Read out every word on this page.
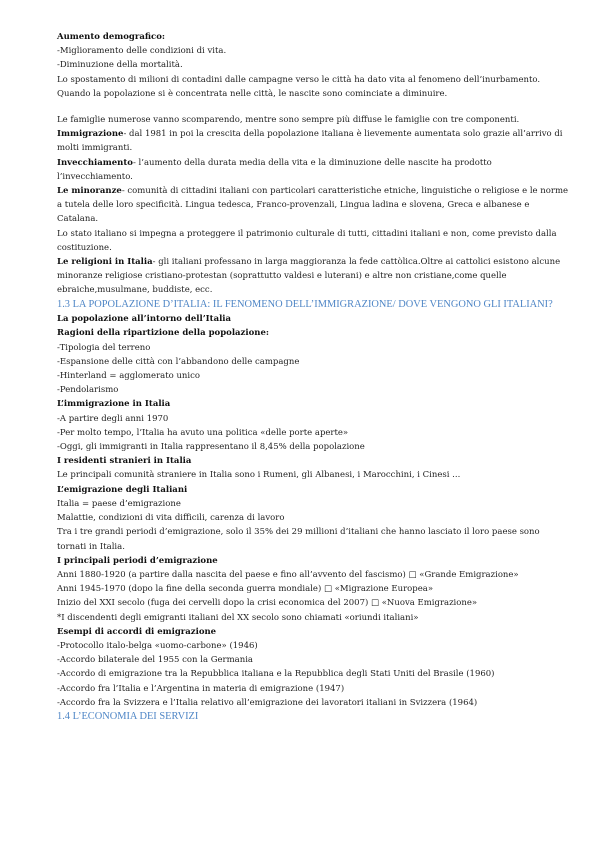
Aumento demografico:

-Miglioramento delle condizioni di vita.

-Diminuzione della mortalità.

Lo spostamento di milioni di contadini dalle campagne verso le città ha dato vita al fenomeno dell’inurbamento.

Quando la popolazione si è concentrata nelle città, le nascite sono cominciate a diminuire.

Le famiglie numerose vanno scomparendo, mentre sono sempre più diffuse le famiglie con tre componenti.

Immigrazione- dal 1981 in poi la crescita della popolazione italiana è lievemente aumentata solo grazie all’arrivo di molti immigranti.

Invecchiamento- l’aumento della durata media della vita e la diminuzione delle nascite ha prodotto l’invecchiamento.

Le minoranze- comunità di cittadini italiani con particolari caratteristiche etniche, linguistiche o religiose e le norme a tutela delle loro specificità. Lingua tedesca, Franco-provenzali, Lingua ladina e slovena, Greca e albanese e Catalana.

Lo stato italiano si impegna a proteggere il patrimonio culturale di tutti, cittadini italiani e non, come previsto dalla costituzione.

Le religioni in Italia- gli italiani professano in larga maggioranza la fede cattòlica.Oltre ai cattolici esistono alcune minoranze religiose cristiano-protestan (soprattutto valdesi e luterani) e altre non cristiane,come quelle ebraiche,musulmane, buddiste, ecc.

1.3 LA POPOLAZIONE D’ITALIA: IL FENOMENO DELL’IMMIGRAZIONE/ DOVE VENGONO GLI ITALIANI?

La popolazione all’intorno dell’Italia

Ragioni della ripartizione della popolazione:

-Tipologia del terreno

-Espansione delle città con l’abbandono delle campagne

-Hinterland = agglomerato unico

-Pendolarismo

L’immigrazione in Italia

-A partire degli anni 1970

-Per molto tempo, l’Italia ha avuto una politica «delle porte aperte»

-Oggi, gli immigranti in Italia rappresentano il 8,45% della popolazione

I residenti stranieri in Italia

Le principali comunità straniere in Italia sono i Rumeni, gli Albanesi, i Marocchini, i Cinesi ...

L’emigrazione degli Italiani

Italia = paese d’emigrazione

Malattie, condizioni di vita difficili, carenza di lavoro

Tra i tre grandi periodi d’emigrazione, solo il 35% dei 29 millioni d’italiani che hanno lasciato il loro paese sono tornati in Italia.

I principali periodi d’emigrazione

Anni 1880-1920 (a partire dalla nascita del paese e fino all’avvento del fascismo) □ «Grande Emigrazione»

Anni 1945-1970 (dopo la fine della seconda guerra mondiale) □ «Migrazione Europea»

Inizio del XXI secolo (fuga dei cervelli dopo la crisi economica del 2007) □ «Nuova Emigrazione»

*I discendenti degli emigranti italiani del XX secolo sono chiamati «oriundi italiani»

Esempi di accordi di emigrazione

-Protocollo italo-belga «uomo-carbone» (1946)

-Accordo bilaterale del 1955 con la Germania

-Accordo di emigrazione tra la Repubblica italiana e la Repubblica degli Stati Uniti del Brasile (1960)

-Accordo fra l’Italia e l’Argentina in materia di emigrazione (1947)

-Accordo fra la Svizzera e l’Italia relativo all’emigrazione dei lavoratori italiani in Svizzera (1964)

1.4 L’ECONOMIA DEI SERVIZI
